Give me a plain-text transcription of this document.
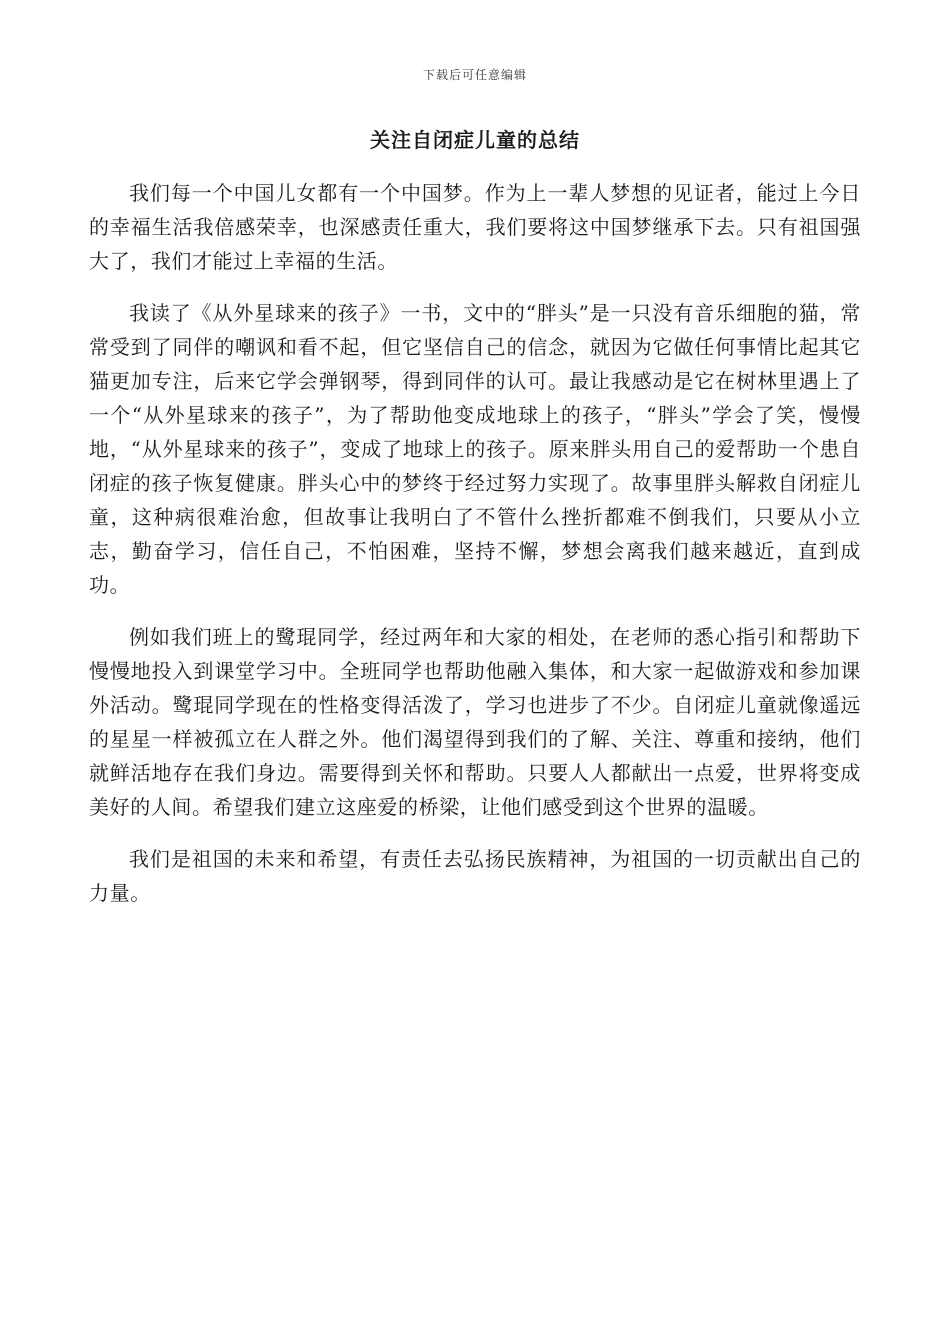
下载后可任意编辑
关注自闭症儿童的总结

我们每一个中国儿女都有一个中国梦。作为上一辈人梦想的见证者，能过上今日的幸福生活我倍感荣幸，也深感责任重大，我们要将这中国梦继承下去。只有祖国强大了，我们才能过上幸福的生活。

我读了《从外星球来的孩子》一书，文中的“胖头”是一只没有音乐细胞的猫，常常受到了同伴的嘲讽和看不起，但它坚信自己的信念，就因为它做任何事情比起其它猫更加专注，后来它学会弹钢琴，得到同伴的认可。最让我感动是它在树林里遇上了一个“从外星球来的孩子”，为了帮助他变成地球上的孩子，“胖头”学会了笑，慢慢地，“从外星球来的孩子”，变成了地球上的孩子。原来胖头用自己的爱帮助一个患自闭症的孩子恢复健康。胖头心中的梦终于经过努力实现了。故事里胖头解救自闭症儿童，这种病很难治愈，但故事让我明白了不管什么挫折都难不倒我们，只要从小立志，勤奋学习，信任自己，不怕困难，坚持不懈，梦想会离我们越来越近，直到成功。

例如我们班上的鹭琨同学，经过两年和大家的相处，在老师的悉心指引和帮助下慢慢地投入到课堂学习中。全班同学也帮助他融入集体，和大家一起做游戏和参加课外活动。鹭琨同学现在的性格变得活泼了，学习也进步了不少。自闭症儿童就像遥远的星星一样被孤立在人群之外。他们渴望得到我们的了解、关注、尊重和接纳，他们就鲜活地存在我们身边。需要得到关怀和帮助。只要人人都献出一点爱，世界将变成美好的人间。希望我们建立这座爱的桥梁，让他们感受到这个世界的温暖。

我们是祖国的未来和希望，有责任去弘扬民族精神，为祖国的一切贡献出自己的力量。
